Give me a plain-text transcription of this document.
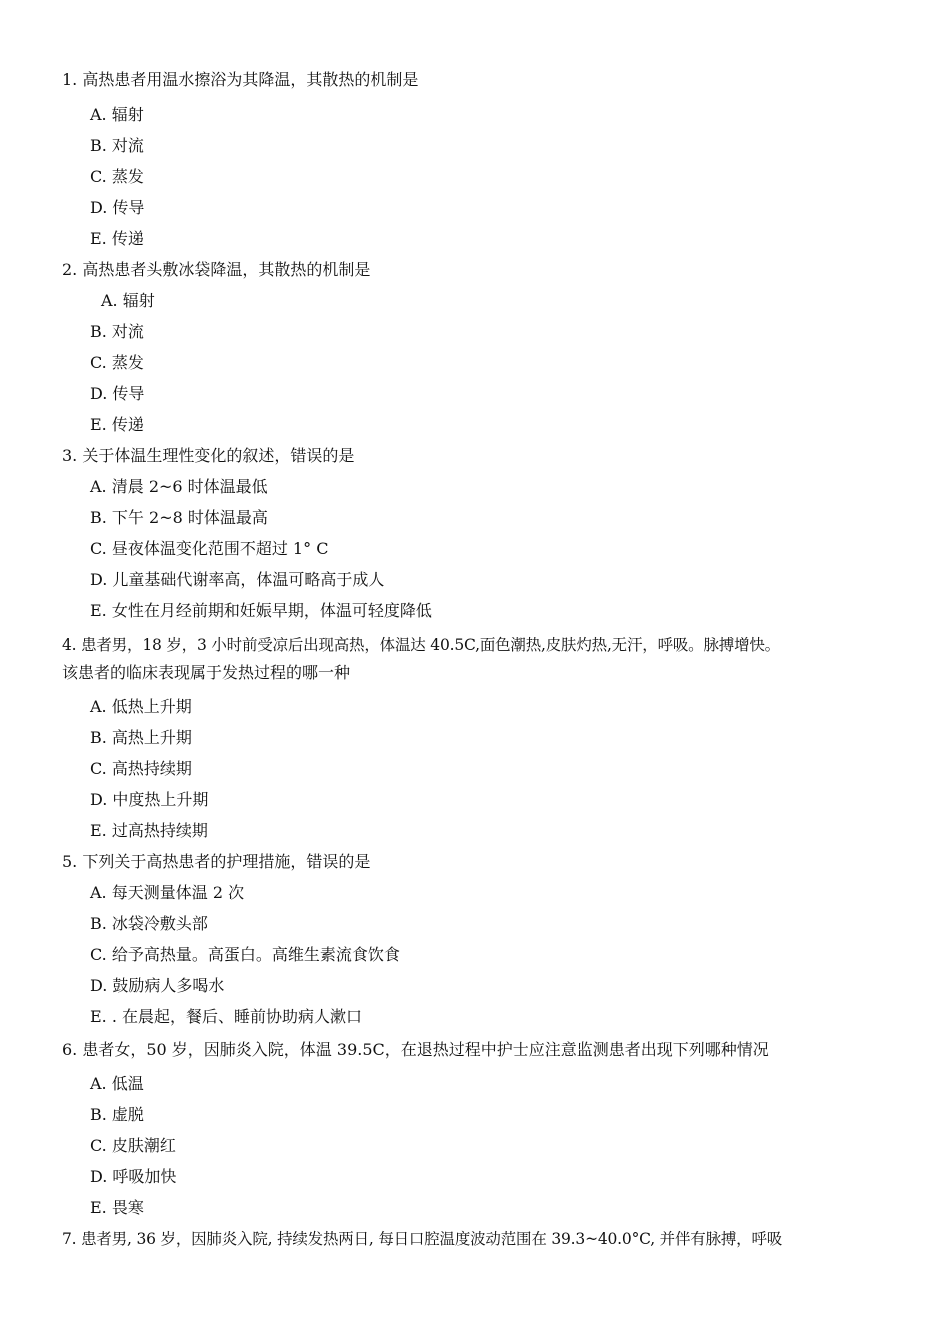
1. 高热患者用温水擦浴为其降温，其散热的机制是
A. 辐射
B. 对流
C. 蒸发
D. 传导
E. 传递
2. 高热患者头敷冰袋降温，其散热的机制是
A. 辐射
B. 对流
C. 蒸发
D. 传导
E. 传递
3. 关于体温生理性变化的叙述，错误的是
A. 清晨 2~6 时体温最低
B. 下午 2~8 时体温最高
C. 昼夜体温变化范围不超过 1° C
D. 儿童基础代谢率高，体温可略高于成人
E. 女性在月经前期和妊娠早期，体温可轻度降低
4. 患者男，18 岁，3 小时前受凉后出现高热，体温达 40.5C,面色潮热,皮肤灼热,无汗，呼吸。脉搏增快。
该患者的临床表现属于发热过程的哪一种
A. 低热上升期
B. 高热上升期
C. 高热持续期
D. 中度热上升期
E. 过高热持续期
5. 下列关于高热患者的护理措施，错误的是
A. 每天测量体温 2 次
B. 冰袋冷敷头部
C. 给予高热量。高蛋白。高维生素流食饮食
D. 鼓励病人多喝水
E. . 在晨起，餐后、睡前协助病人漱口
6. 患者女，50 岁，因肺炎入院，体温 39.5C，在退热过程中护士应注意监测患者出现下列哪种情况
A. 低温
B. 虚脱
C. 皮肤潮红
D. 呼吸加快
E. 畏寒
7. 患者男, 36 岁，因肺炎入院, 持续发热两日, 每日口腔温度波动范围在 39.3~40.0°C, 并伴有脉搏，呼吸
